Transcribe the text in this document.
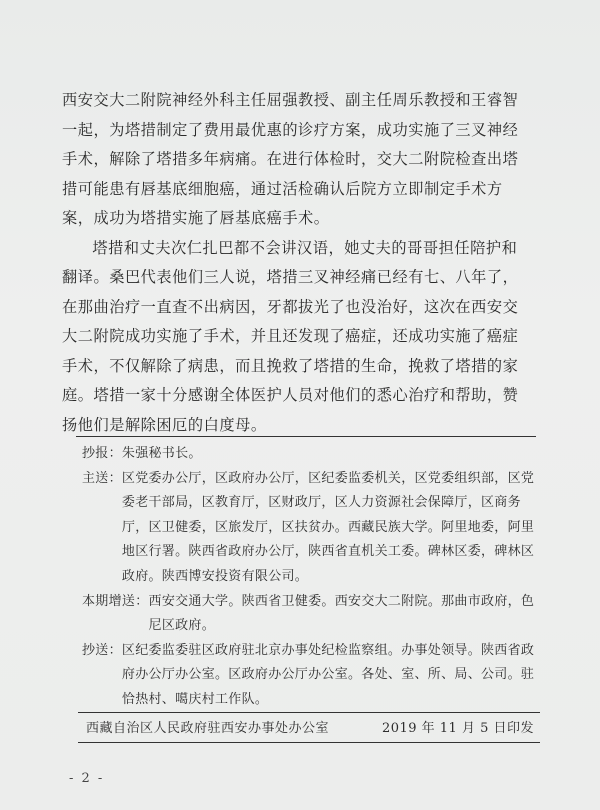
西安交大二附院神经外科主任屈强教授、副主任周乐教授和王睿智一起，为塔措制定了费用最优惠的诊疗方案，成功实施了三叉神经手术，解除了塔措多年病痛。在进行体检时，交大二附院检查出塔措可能患有唇基底细胞癌，通过活检确认后院方立即制定手术方案，成功为塔措实施了唇基底癌手术。

塔措和丈夫次仁扎巴都不会讲汉语，她丈夫的哥哥担任陪护和翻译。桑巴代表他们三人说，塔措三叉神经痛已经有七、八年了，在那曲治疗一直查不出病因，牙都拔光了也没治好，这次在西安交大二附院成功实施了手术，并且还发现了癌症，还成功实施了癌症手术，不仅解除了病患，而且挽救了塔措的生命，挽救了塔措的家庭。塔措一家十分感谢全体医护人员对他们的悉心治疗和帮助，赞扬他们是解除困厄的白度母。

抄报： 朱强秘书长。
主送： 区党委办公厅，区政府办公厅，区纪委监委机关，区党委组织部，区党委老干部局，区教育厅，区财政厅，区人力资源社会保障厅，区商务厅，区卫健委，区旅发厅，区扶贫办。西藏民族大学。阿里地委，阿里地区行署。陕西省政府办公厅，陕西省直机关工委。碑林区委，碑林区政府。陕西博安投资有限公司。
本期增送： 西安交通大学。陕西省卫健委。西安交大二附院。那曲市政府，色尼区政府。
抄送： 区纪委监委驻区政府驻北京办事处纪检监察组。办事处领导。陕西省政府办公厅办公室。区政府办公厅办公室。各处、室、所、局、公司。驻恰热村、噶庆村工作队。
西藏自治区人民政府驻西安办事处办公室	2019 年 11 月 5 日印发
- 2 -
